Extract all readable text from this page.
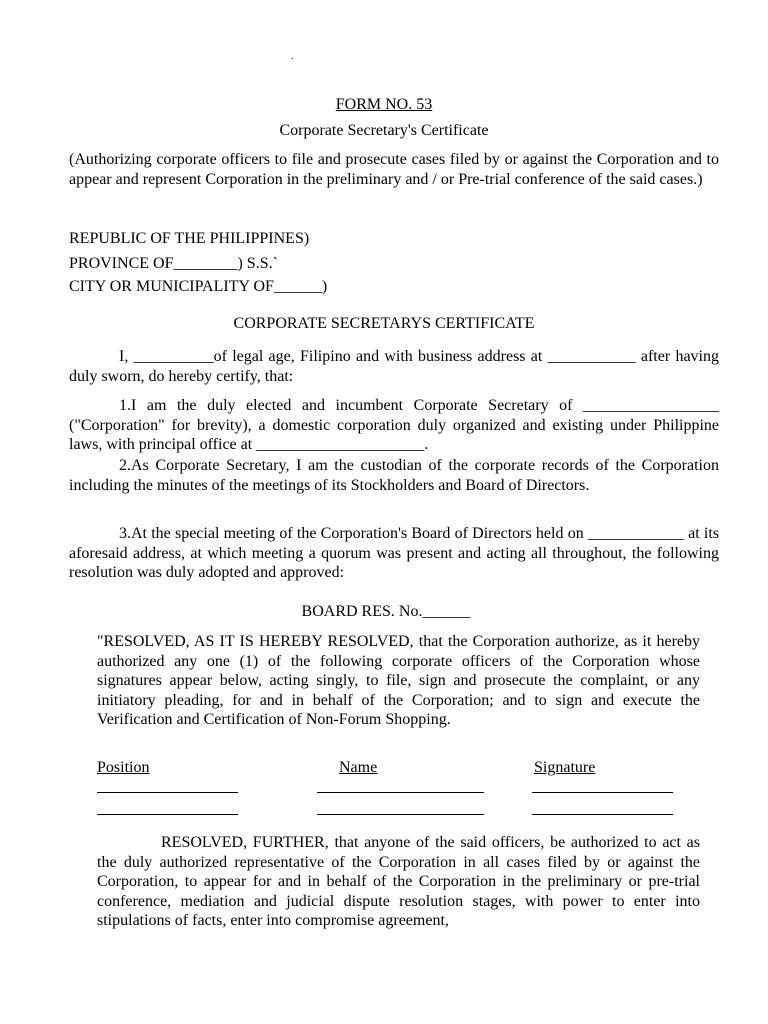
.
FORM NO. 53
Corporate Secretary's Certificate
(Authorizing corporate officers to file and prosecute cases filed by or against the Corporation and to appear and represent Corporation in the preliminary and / or Pre-trial conference of the said cases.)
REPUBLIC OF THE PHILIPPINES)
PROVINCE OF________) S.S.`
CITY OR MUNICIPALITY OF______)
CORPORATE SECRETARYS CERTIFICATE
I, __________of legal age, Filipino and with business address at ___________ after having duly sworn, do hereby certify, that:
1.I am the duly elected and incumbent Corporate Secretary of _________________ ("Corporation" for brevity), a domestic corporation duly organized and existing under Philippine laws, with principal office at _____________________.
2.As Corporate Secretary, I am the custodian of the corporate records of the Corporation including the minutes of the meetings of its Stockholders and Board of Directors.
3.At the special meeting of the Corporation's Board of Directors held on ____________ at its aforesaid address, at which meeting a quorum was present and acting all throughout, the following resolution was duly adopted and approved:
BOARD RES. No.______
"RESOLVED, AS IT IS HEREBY RESOLVED, that the Corporation authorize, as it hereby authorized any one (1) of the following corporate officers of the Corporation whose signatures appear below, acting singly, to file, sign and prosecute the complaint, or any initiatory pleading, for and in behalf of the Corporation; and to sign and execute the Verification and Certification of Non-Forum Shopping.
Position	Name	Signature
RESOLVED, FURTHER, that anyone of the said officers, be authorized to act as the duly authorized representative of the Corporation in all cases filed by or against the Corporation, to appear for and in behalf of the Corporation in the preliminary or pre-trial conference, mediation and judicial dispute resolution stages, with power to enter into stipulations of facts, enter into compromise agreement,
